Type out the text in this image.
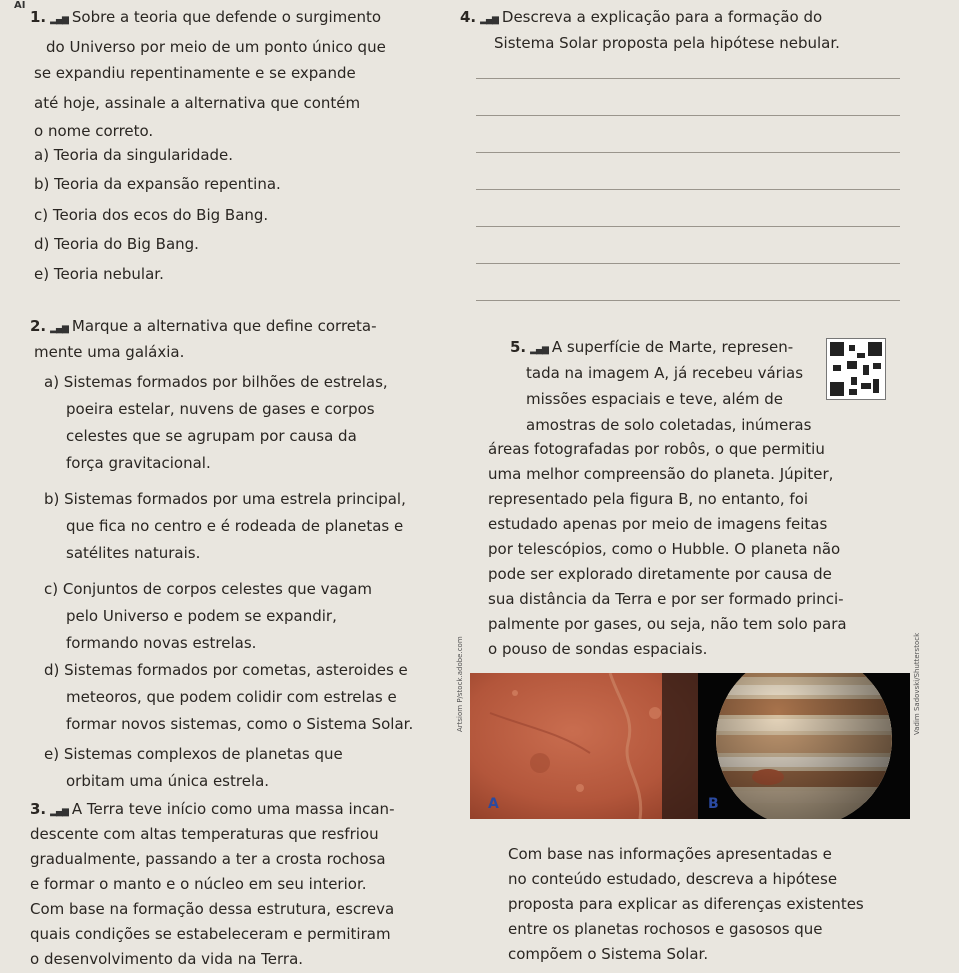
AI
1. ▂▄▆ Sobre a teoria que defende o surgimento
do Universo por meio de um ponto único que
se expandiu repentinamente e se expande
até hoje, assinale a alternativa que contém
o nome correto.
a) Teoria da singularidade.
b) Teoria da expansão repentina.
c) Teoria dos ecos do Big Bang.
d) Teoria do Big Bang.
e) Teoria nebular.
2. ▂▄▆ Marque a alternativa que define correta-
mente uma galáxia.
a) Sistemas formados por bilhões de estrelas,
poeira estelar, nuvens de gases e corpos
celestes que se agrupam por causa da
força gravitacional.
b) Sistemas formados por uma estrela principal,
que fica no centro e é rodeada de planetas e
satélites naturais.
c) Conjuntos de corpos celestes que vagam
pelo Universo e podem se expandir,
formando novas estrelas.
d) Sistemas formados por cometas, asteroides e
meteoros, que podem colidir com estrelas e
formar novos sistemas, como o Sistema Solar.
e) Sistemas complexos de planetas que
orbitam uma única estrela.
3. ▂▄▆ A Terra teve início como uma massa incan-
descente com altas temperaturas que resfriou
gradualmente, passando a ter a crosta rochosa
e formar o manto e o núcleo em seu interior.
Com base na formação dessa estrutura, escreva
quais condições se estabeleceram e permitiram
o desenvolvimento da vida na Terra.
4. ▂▄▆ Descreva a explicação para a formação do
Sistema Solar proposta pela hipótese nebular.
5. ▂▄▆ A superfície de Marte, represen-
tada na imagem A, já recebeu várias
missões espaciais e teve, além de
amostras de solo coletadas, inúmeras
áreas fotografadas por robôs, o que permitiu
uma melhor compreensão do planeta. Júpiter,
representado pela figura B, no entanto, foi
estudado apenas por meio de imagens feitas
por telescópios, como o Hubble. O planeta não
pode ser explorado diretamente por causa de
sua distância da Terra e por ser formado princi-
palmente por gases, ou seja, não tem solo para
o pouso de sondas espaciais.
Artsiom P/stock.adobe.com
A
Vadim Sadovski/Shutterstock
B
Com base nas informações apresentadas e
no conteúdo estudado, descreva a hipótese
proposta para explicar as diferenças existentes
entre os planetas rochosos e gasosos que
compõem o Sistema Solar.
